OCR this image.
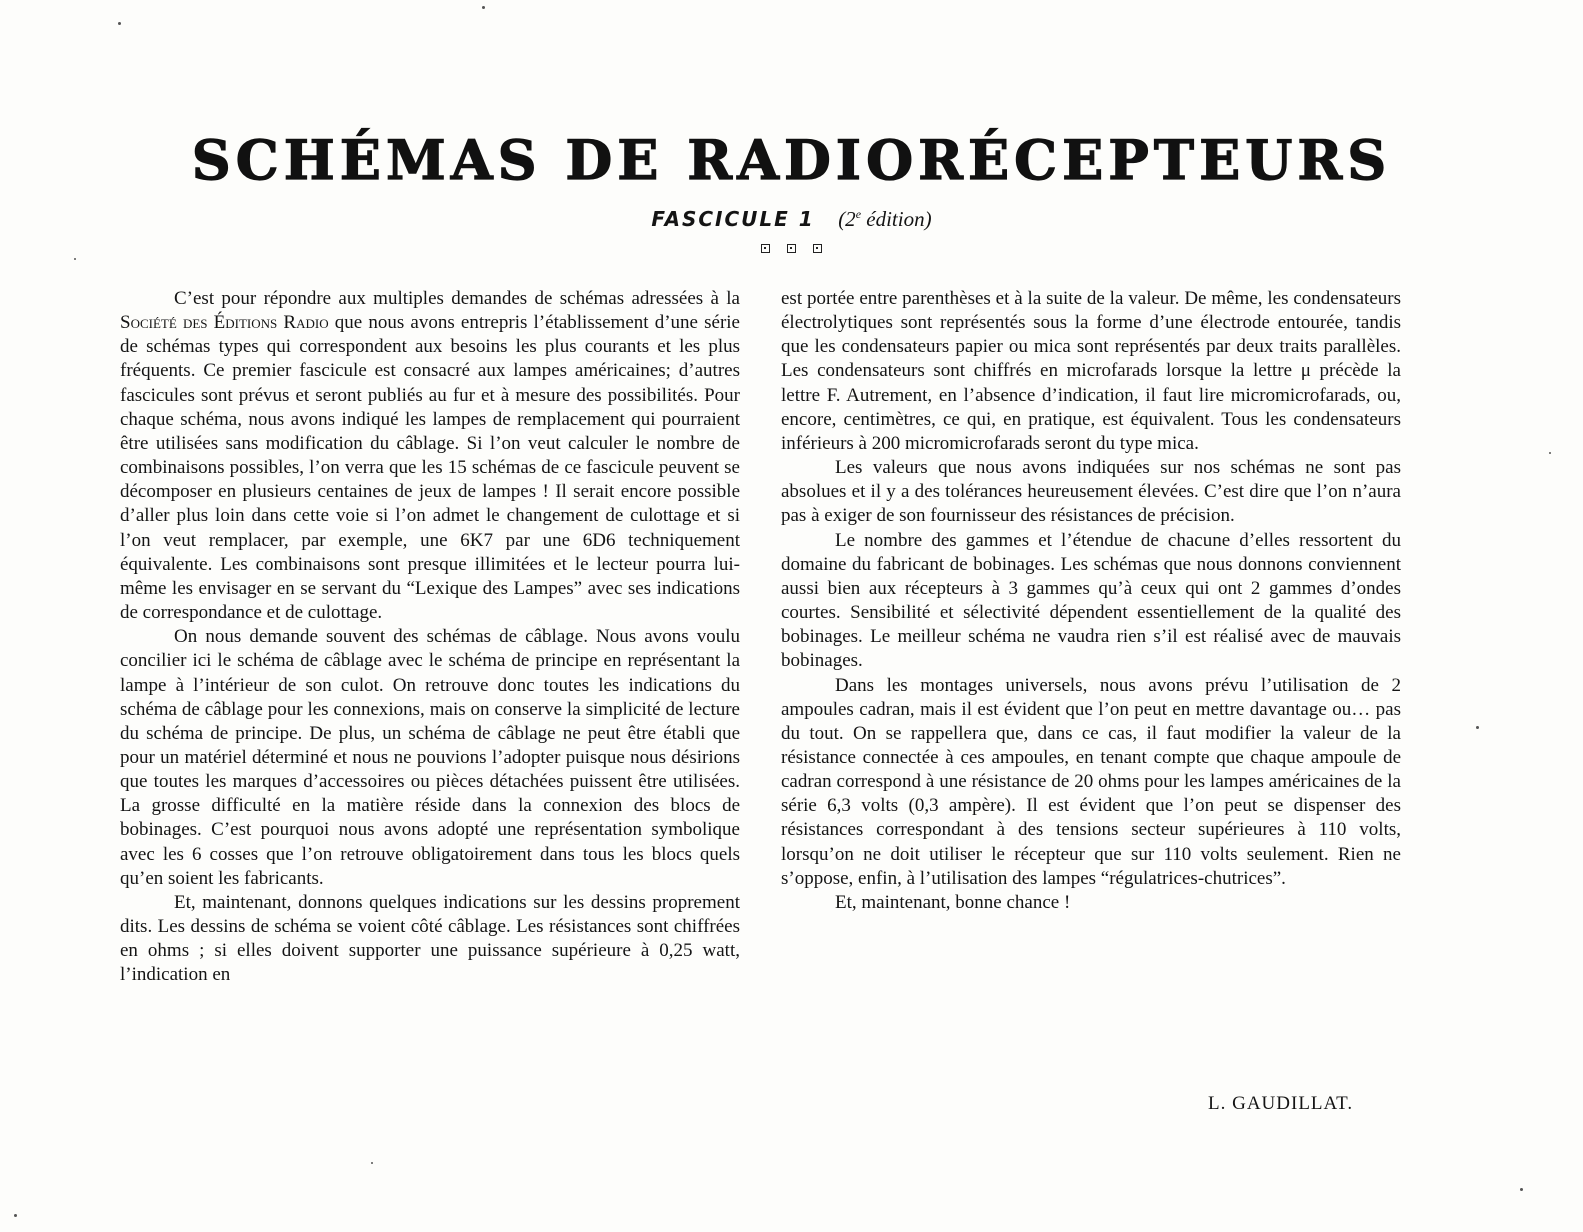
SCHÉMAS DE RADIORÉCEPTEURS
FASCICULE 1 (2e édition)

C’est pour répondre aux multiples demandes de schémas adressées à la Société des Éditions Radio que nous avons entrepris l’établissement d’une série de schémas types qui correspondent aux besoins les plus courants et les plus fréquents. Ce premier fascicule est consacré aux lampes américaines; d’autres fascicules sont prévus et seront publiés au fur et à mesure des possibilités. Pour chaque schéma, nous avons indiqué les lampes de remplacement qui pourraient être utilisées sans modification du câblage. Si l’on veut calculer le nombre de combinaisons possibles, l’on verra que les 15 schémas de ce fascicule peuvent se décomposer en plusieurs centaines de jeux de lampes ! Il serait encore possible d’aller plus loin dans cette voie si l’on admet le changement de culottage et si l’on veut remplacer, par exemple, une 6K7 par une 6D6 techniquement équivalente. Les combinaisons sont presque illimitées et le lecteur pourra lui-même les envisager en se servant du “Lexique des Lampes” avec ses indications de correspondance et de culottage.

On nous demande souvent des schémas de câblage. Nous avons voulu concilier ici le schéma de câblage avec le schéma de principe en représentant la lampe à l’intérieur de son culot. On retrouve donc toutes les indications du schéma de câblage pour les connexions, mais on conserve la simplicité de lecture du schéma de principe. De plus, un schéma de câblage ne peut être établi que pour un matériel déterminé et nous ne pouvions l’adopter puisque nous désirions que toutes les marques d’accessoires ou pièces détachées puissent être utilisées. La grosse difficulté en la matière réside dans la connexion des blocs de bobinages. C’est pourquoi nous avons adopté une représentation symbolique avec les 6 cosses que l’on retrouve obligatoirement dans tous les blocs quels qu’en soient les fabricants.

Et, maintenant, donnons quelques indications sur les dessins proprement dits. Les dessins de schéma se voient côté câblage. Les résistances sont chiffrées en ohms ; si elles doivent supporter une puissance supérieure à 0,25 watt, l’indication en

est portée entre parenthèses et à la suite de la valeur. De même, les condensateurs électrolytiques sont représentés sous la forme d’une électrode entourée, tandis que les condensateurs papier ou mica sont représentés par deux traits parallèles. Les condensateurs sont chiffrés en microfarads lorsque la lettre μ précède la lettre F. Autrement, en l’absence d’indication, il faut lire micromicrofarads, ou, encore, centimètres, ce qui, en pratique, est équivalent. Tous les condensateurs inférieurs à 200 micromicrofarads seront du type mica.

Les valeurs que nous avons indiquées sur nos schémas ne sont pas absolues et il y a des tolérances heureusement élevées. C’est dire que l’on n’aura pas à exiger de son fournisseur des résistances de précision.

Le nombre des gammes et l’étendue de chacune d’elles ressortent du domaine du fabricant de bobinages. Les schémas que nous donnons conviennent aussi bien aux récepteurs à 3 gammes qu’à ceux qui ont 2 gammes d’ondes courtes. Sensibilité et sélectivité dépendent essentiellement de la qualité des bobinages. Le meilleur schéma ne vaudra rien s’il est réalisé avec de mauvais bobinages.

Dans les montages universels, nous avons prévu l’utilisation de 2 ampoules cadran, mais il est évident que l’on peut en mettre davantage ou… pas du tout. On se rappellera que, dans ce cas, il faut modifier la valeur de la résistance connectée à ces ampoules, en tenant compte que chaque ampoule de cadran correspond à une résistance de 20 ohms pour les lampes américaines de la série 6,3 volts (0,3 ampère). Il est évident que l’on peut se dispenser des résistances correspondant à des tensions secteur supérieures à 110 volts, lorsqu’on ne doit utiliser le récepteur que sur 110 volts seulement. Rien ne s’oppose, enfin, à l’utilisation des lampes “régulatrices-chutrices”.

Et, maintenant, bonne chance !

L. GAUDILLAT.
